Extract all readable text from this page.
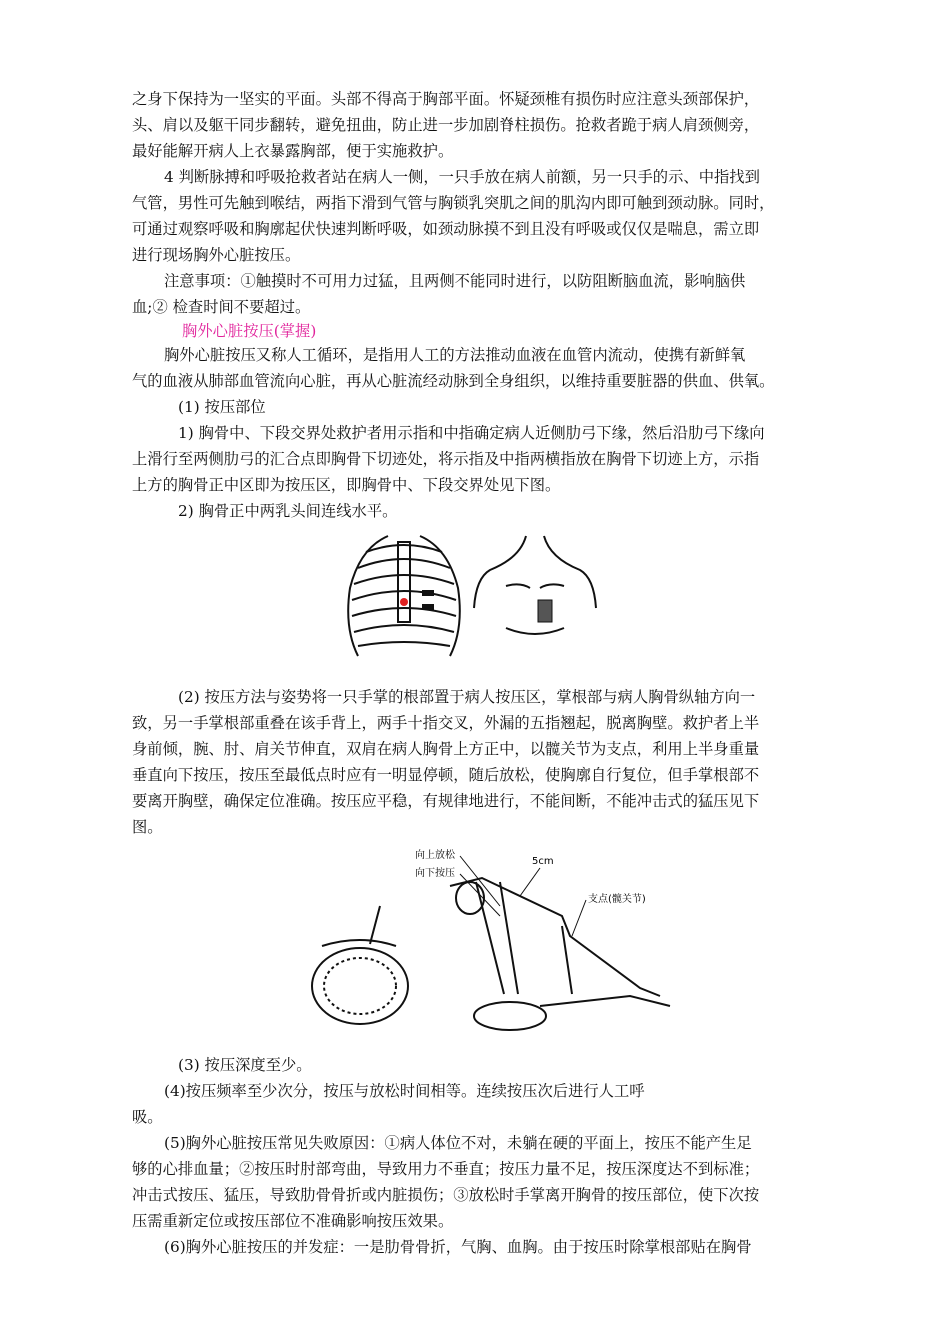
之身下保持为一坚实的平面。头部不得高于胸部平面。怀疑颈椎有损伤时应注意头颈部保护，

头、肩以及躯干同步翻转，避免扭曲，防止进一步加剧脊柱损伤。抢救者跪于病人肩颈侧旁，

最好能解开病人上衣暴露胸部，便于实施救护。

4 判断脉搏和呼吸抢救者站在病人一侧，一只手放在病人前额，另一只手的示、中指找到

气管，男性可先触到喉结，两指下滑到气管与胸锁乳突肌之间的肌沟内即可触到颈动脉。同时，

可通过观察呼吸和胸廓起伏快速判断呼吸，如颈动脉摸不到且没有呼吸或仅仅是喘息，需立即

进行现场胸外心脏按压。

注意事项：①触摸时不可用力过猛，且两侧不能同时进行，以防阻断脑血流，影响脑供

血;② 检查时间不要超过。

胸外心脏按压(掌握)

胸外心脏按压又称人工循环，是指用人工的方法推动血液在血管内流动，使携有新鲜氧

气的血液从肺部血管流向心脏，再从心脏流经动脉到全身组织，以维持重要脏器的供血、供氧。

(1) 按压部位

1) 胸骨中、下段交界处救护者用示指和中指确定病人近侧肋弓下缘，然后沿肋弓下缘向

上滑行至两侧肋弓的汇合点即胸骨下切迹处，将示指及中指两横指放在胸骨下切迹上方，示指

上方的胸骨正中区即为按压区，即胸骨中、下段交界处见下图。

2) 胸骨正中两乳头间连线水平。

(2) 按压方法与姿势将一只手掌的根部置于病人按压区，掌根部与病人胸骨纵轴方向一

致，另一手掌根部重叠在该手背上，两手十指交叉，外漏的五指翘起，脱离胸壁。救护者上半

身前倾，腕、肘、肩关节伸直，双肩在病人胸骨上方正中，以髋关节为支点，利用上半身重量

垂直向下按压，按压至最低点时应有一明显停顿，随后放松，使胸廓自行复位，但手掌根部不

要离开胸壁，确保定位准确。按压应平稳，有规律地进行，不能间断，不能冲击式的猛压见下

图。

向上放松
向下按压
5cm
支点(髋关节)

(3) 按压深度至少。

(4)按压频率至少次分，按压与放松时间相等。连续按压次后进行人工呼

吸。

(5)胸外心脏按压常见失败原因：①病人体位不对，未躺在硬的平面上，按压不能产生足

够的心排血量；②按压时肘部弯曲，导致用力不垂直；按压力量不足，按压深度达不到标准；

冲击式按压、猛压，导致肋骨骨折或内脏损伤；③放松时手掌离开胸骨的按压部位，使下次按

压需重新定位或按压部位不准确影响按压效果。

(6)胸外心脏按压的并发症：一是肋骨骨折，气胸、血胸。由于按压时除掌根部贴在胸骨
